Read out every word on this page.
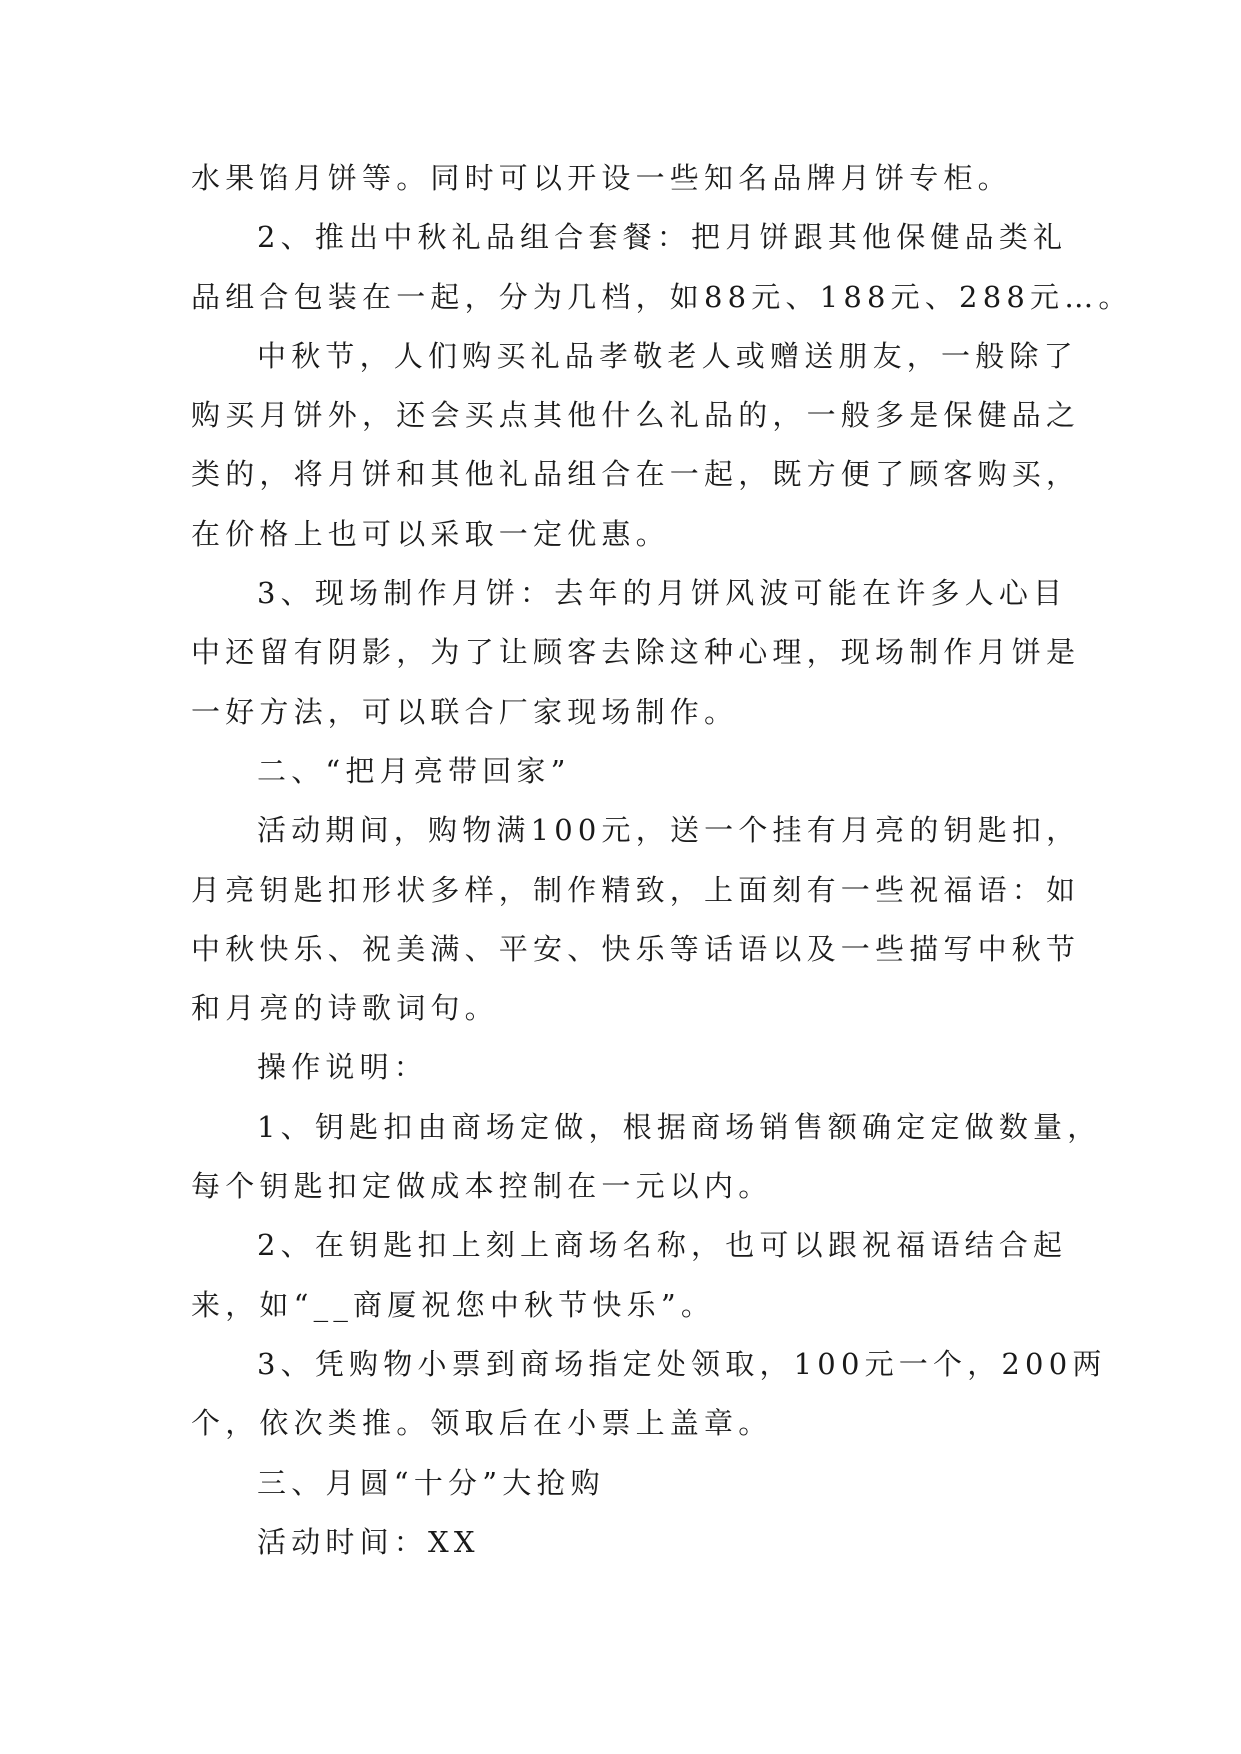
水果馅月饼等。同时可以开设一些知名品牌月饼专柜。
2、推出中秋礼品组合套餐：把月饼跟其他保健品类礼
品组合包装在一起，分为几档，如88元、188元、288元…。
中秋节，人们购买礼品孝敬老人或赠送朋友，一般除了
购买月饼外，还会买点其他什么礼品的，一般多是保健品之
类的，将月饼和其他礼品组合在一起，既方便了顾客购买，
在价格上也可以采取一定优惠。
3、现场制作月饼：去年的月饼风波可能在许多人心目
中还留有阴影，为了让顾客去除这种心理，现场制作月饼是
一好方法，可以联合厂家现场制作。
二、“把月亮带回家”
活动期间，购物满100元，送一个挂有月亮的钥匙扣，
月亮钥匙扣形状多样，制作精致，上面刻有一些祝福语：如
中秋快乐、祝美满、平安、快乐等话语以及一些描写中秋节
和月亮的诗歌词句。
操作说明：
1、钥匙扣由商场定做，根据商场销售额确定定做数量，
每个钥匙扣定做成本控制在一元以内。
2、在钥匙扣上刻上商场名称，也可以跟祝福语结合起
来，如“__商厦祝您中秋节快乐”。
3、凭购物小票到商场指定处领取，100元一个，200两
个，依次类推。领取后在小票上盖章。
三、月圆“十分”大抢购
活动时间：XX
